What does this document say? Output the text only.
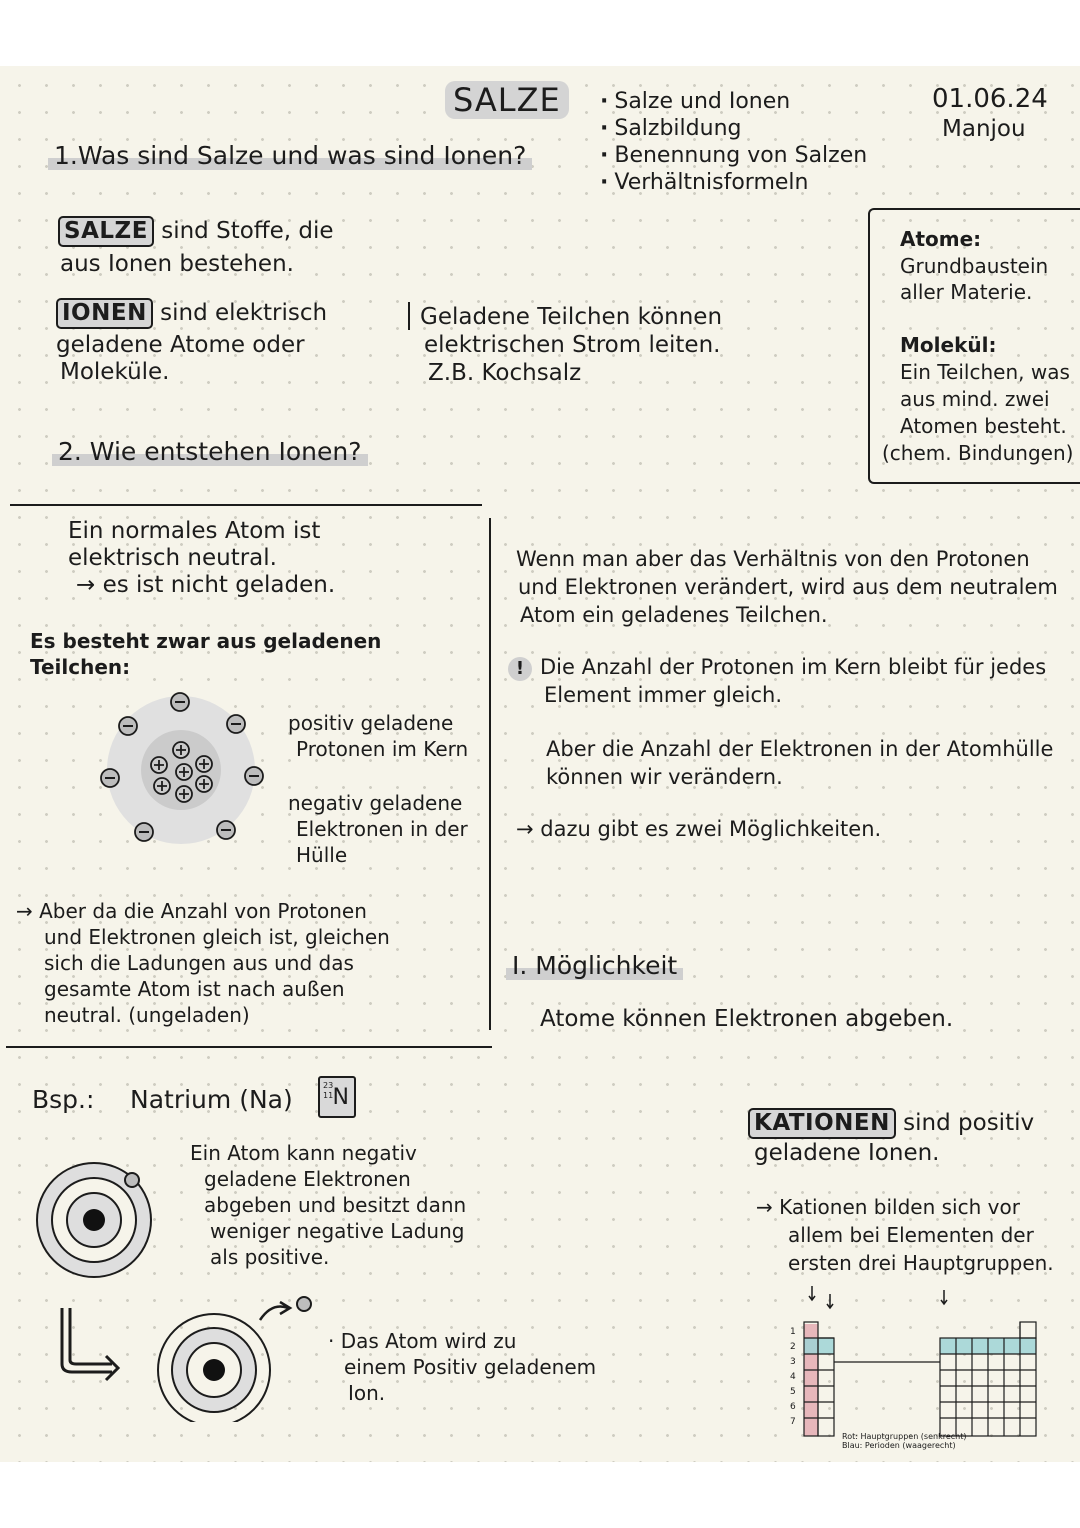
SALZE
·	Salze und Ionen
· Salzbildung
· Benennung von Salzen
· Verhältnisformeln
01.06.24
Manjou
1.Was sind Salze und was sind Ionen?
SALZE sind Stoffe, die
aus Ionen bestehen.
IONEN sind elektrisch
geladene Atome oder
Moleküle.
Geladene Teilchen können
elektrischen Strom leiten.
Z.B. Kochsalz
Atome:
Grundbaustein
aller Materie.
Molekül:
Ein Teilchen, was
aus mind. zwei
Atomen besteht.
(chem. Bindungen)
2. Wie entstehen Ionen?
Ein normales Atom ist
elektrisch neutral.
→ es ist nicht geladen.
Es besteht zwar aus geladenen
Teilchen:
positiv geladene
Protonen im Kern
negativ geladene
Elektronen in der
Hülle
→ Aber da die Anzahl von Protonen
und Elektronen gleich ist, gleichen
sich die Ladungen aus und das
gesamte Atom ist nach außen
neutral. (ungeladen)
Wenn man aber das Verhältnis von den Protonen
und Elektronen verändert, wird aus dem neutralem
Atom ein geladenes Teilchen.
! Die Anzahl der Protonen im Kern bleibt für jedes
Element immer gleich.
Aber die Anzahl der Elektronen in der Atomhülle
können wir verändern.
→ dazu gibt es zwei Möglichkeiten.
I. Möglichkeit
Atome können Elektronen abgeben.
Bsp.: Natrium (Na)	23
11 N
Ein Atom kann negativ
geladene Elektronen
abgeben und besitzt dann
weniger negative Ladung
als positive.
· Das Atom wird zu
einem Positiv geladenem
Ion.
KATIONEN sind positiv
geladene Ionen.
→ Kationen bilden sich vor
allem bei Elementen der
ersten drei Hauptgruppen.
1
2
3
4
5
6
7
Rot: Hauptgruppen (senkrecht)
Blau: Perioden (waagerecht)
